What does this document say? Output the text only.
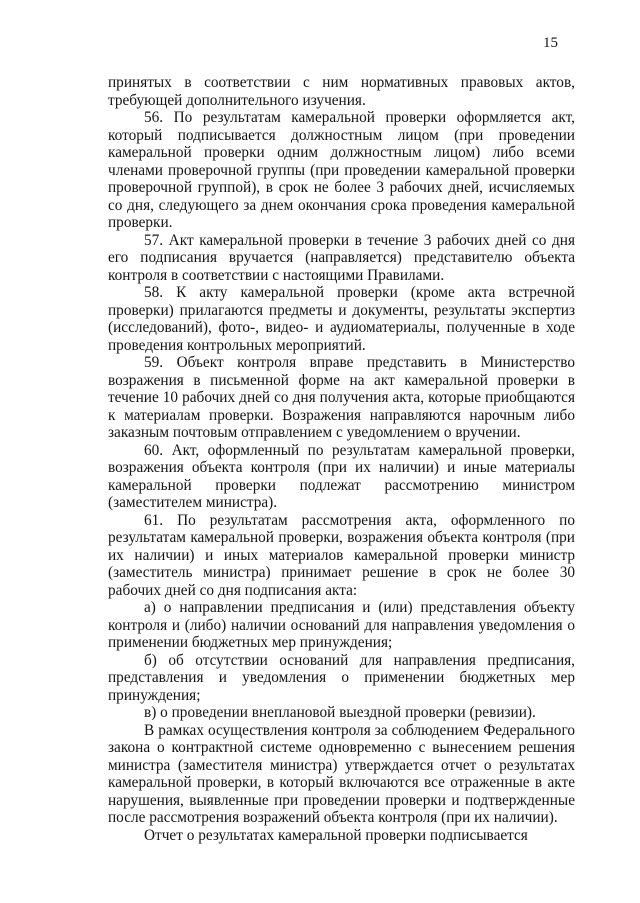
15

принятых в соответствии с ним нормативных правовых актов, требующей дополнительного изучения.

56. По результатам камеральной проверки оформляется акт, который подписывается должностным лицом (при проведении камеральной проверки одним должностным лицом) либо всеми членами проверочной группы (при проведении камеральной проверки проверочной группой), в срок не более 3 рабочих дней, исчисляемых со дня, следующего за днем окончания срока проведения камеральной проверки.

57. Акт камеральной проверки в течение 3 рабочих дней со дня его подписания вручается (направляется) представителю объекта контроля в соответствии с настоящими Правилами.

58. К акту камеральной проверки (кроме акта встречной проверки) прилагаются предметы и документы, результаты экспертиз (исследований), фото-, видео- и аудиоматериалы, полученные в ходе проведения контрольных мероприятий.

59. Объект контроля вправе представить в Министерство возражения в письменной форме на акт камеральной проверки в течение 10 рабочих дней со дня получения акта, которые приобщаются к материалам проверки. Возражения направляются нарочным либо заказным почтовым отправлением с уведомлением о вручении.

60. Акт, оформленный по результатам камеральной проверки, возражения объекта контроля (при их наличии) и иные материалы камеральной проверки подлежат рассмотрению министром (заместителем министра).

61. По результатам рассмотрения акта, оформленного по результатам камеральной проверки, возражения объекта контроля (при их наличии) и иных материалов камеральной проверки министр (заместитель министра) принимает решение в срок не более 30 рабочих дней со дня подписания акта:

а) о направлении предписания и (или) представления объекту контроля и (либо) наличии оснований для направления уведомления о применении бюджетных мер принуждения;

б) об отсутствии оснований для направления предписания, представления и уведомления о применении бюджетных мер принуждения;

в) о проведении внеплановой выездной проверки (ревизии).

В рамках осуществления контроля за соблюдением Федерального закона о контрактной системе одновременно с вынесением решения министра (заместителя министра) утверждается отчет о результатах камеральной проверки, в который включаются все отраженные в акте нарушения, выявленные при проведении проверки и подтвержденные после рассмотрения возражений объекта контроля (при их наличии).

Отчет о результатах камеральной проверки подписывается
